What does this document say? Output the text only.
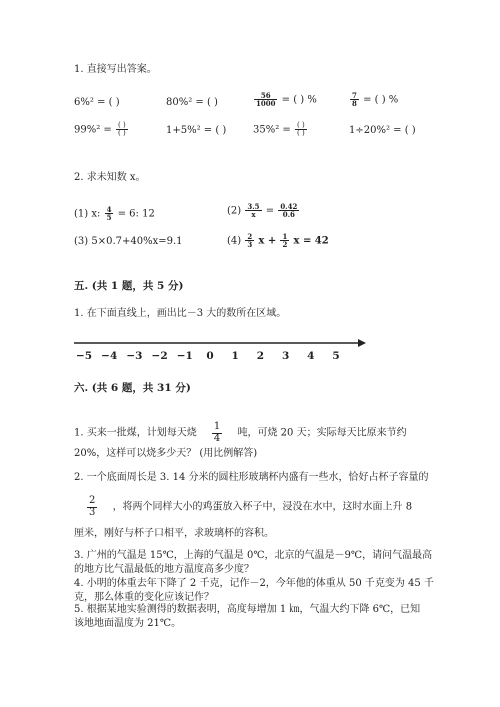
1. 直接写出答案。
6%² = ( )	80%² = ( )	$\frac{56}{1000}$ = ( ) %	$\frac{7}{8}$ = ( ) %
$99\%^2 = \frac{( )}{( )}$	1+5%² = ( )	$35\%^2 = \frac{( )}{( )}$	1÷20%² = ( )
2. 求未知数 x。
(1) x: $\frac{4}{5} = 6$: 12	$(2) \frac{3.5}{x} = \frac{0.42}{0.6}$
(3) 5×0.7+40%x=9.1	$(4) \frac{2}{3}$ $x + \frac{1}{2}$ x = 42
五. (共 1 题，共 5 分)
1. 在下面直线上，画出比－3 大的数所在区域。
−5 −4 −3 −2 −1 0 1 2 3 4 5
六. (共 6 题，共 31 分)
1. 买来一批煤，计划每天烧 $\frac{1}{4}$ 吨，可烧 20 天；实际每天比原来节约
20%，这样可以烧多少天？ (用比例解答)
2. 一个底面周长是 3. 14 分米的圆柱形玻璃杯内盛有一些水，恰好占杯子容量的
$\frac{2}{3}$ ，将两个同样大小的鸡蛋放入杯子中，浸没在水中，这时水面上升 8
厘米，刚好与杯子口相平，求玻璃杯的容积。
3. 广州的气温是 15℃，上海的气温是 0℃，北京的气温是－9℃，请问气温最高
的地方比气温最低的地方温度高多少度？
4. 小明的体重去年下降了 2 千克，记作－2，今年他的体重从 50 千克变为 45 千
克，那么体重的变化应该记作？
5. 根据某地实验测得的数据表明，高度每增加 1 ㎞，气温大约下降 6℃，已知
该地地面温度为 21℃。
